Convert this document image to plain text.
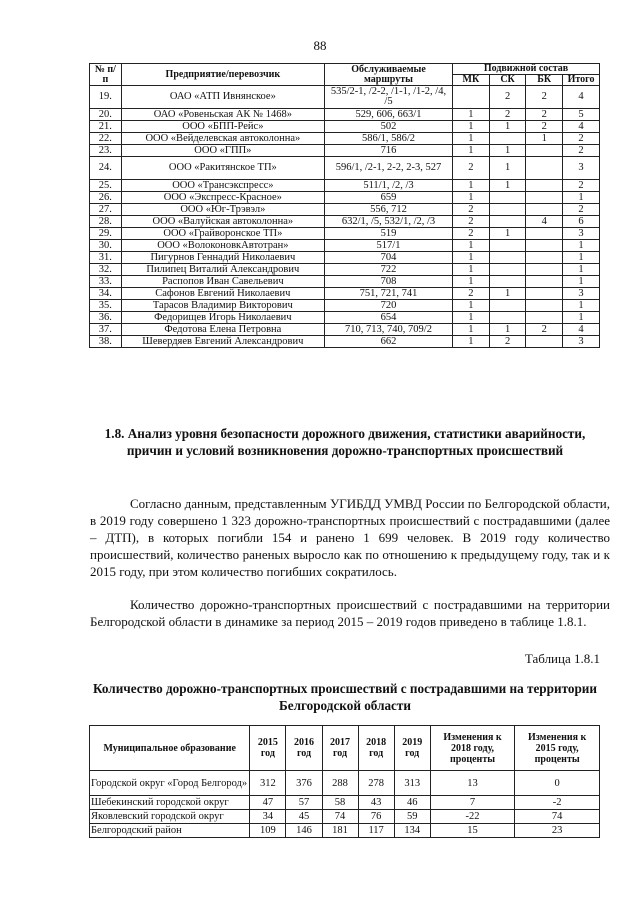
88
№ п/п	Предприятие/перевозчик	Обслуживаемые маршруты	Подвижной состав			
			МК	СК	БК	Итого
19.	ОАО «АТП Ивнянское»	535/2-1, /2-2, /1-1, /1-2, /4, /5		2	2	4
20.	ОАО «Ровеньская АК № 1468»	529, 606, 663/1	1	2	2	5
21.	ООО «БПП-Рейс»	502	1	1	2	4
22.	ООО «Вейделевская автоколонна»	586/1, 586/2	1		1	2
23.	ООО «ГПП»	716	1	1		2
24.	ООО «Ракитянское ТП»	596/1, /2-1, 2-2, 2-3, 527	2	1		3
25.	ООО «Трансэкспресс»	511/1, /2, /3	1	1		2
26.	ООО «Экспресс-Красное»	659	1			1
27.	ООО «Юг-Трэвэл»	556, 712	2			2
28.	ООО «Валуйская автоколонна»	632/1, /5, 532/1, /2, /3	2		4	6
29.	ООО «Грайворонское ТП»	519	2	1		3
30.	ООО «ВолоконовкАвтотран»	517/1	1			1
31.	Пигурнов Геннадий Николаевич	704	1			1
32.	Пилипец Виталий Александрович	722	1			1
33.	Распопов Иван Савельевич	708	1			1
34.	Сафонов Евгений Николаевич	751, 721, 741	2	1		3
35.	Тарасов Владимир Викторович	720	1			1
36.	Федорищев Игорь Николаевич	654	1			1
37.	Федотова Елена Петровна	710, 713, 740, 709/2	1	1	2	4
38.	Шевердяев Евгений Александрович	662	1	2		3
1.8. Анализ уровня безопасности дорожного движения, статистики аварийности, причин и условий возникновения дорожно-транспортных происшествий

Согласно данным, представленным УГИБДД УМВД России по Белгородской области, в 2019 году совершено 1 323 дорожно-транспортных происшествий с пострадавшими (далее – ДТП), в которых погибли 154 и ранено 1 699 человек. В 2019 году количество происшествий, количество раненых выросло как по отношению к предыдущему году, так и к 2015 году, при этом количество погибших сократилось.

Количество дорожно-транспортных происшествий с пострадавшими на территории Белгородской области в динамике за период 2015 – 2019 годов приведено в таблице 1.8.1.

Таблица 1.8.1
Количество дорожно-транспортных происшествий с пострадавшими на территории Белгородской области
Муниципальное образование	2015 год	2016 год	2017 год	2018 год	2019 год	Изменения к 2018 году, проценты	Изменения к 2015 году, проценты
Городской округ «Город Белгород»	312	376	288	278	313	13	0
Шебекинский городской округ	47	57	58	43	46	7	-2
Яковлевский городской округ	34	45	74	76	59	-22	74
Белгородский район	109	146	181	117	134	15	23
